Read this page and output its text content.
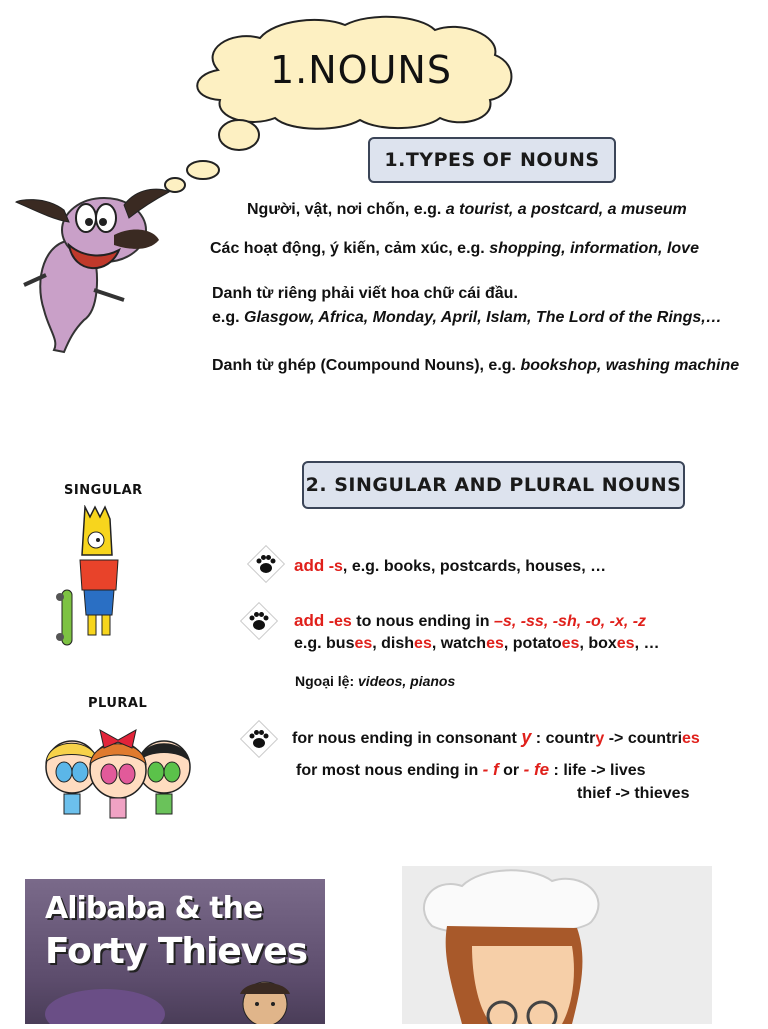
1.NOUNS
1.TYPES OF NOUNS
Người, vật, nơi chốn, e.g. a tourist, a postcard, a museum
Các hoạt động, ý kiến, cảm xúc, e.g. shopping, information, love
Danh từ riêng phải viết hoa chữ cái đầu.
e.g. Glasgow, Africa, Monday, April, Islam, The Lord of the Rings,…
Danh từ ghép (Coumpound Nouns), e.g. bookshop, washing machine
SINGULAR
PLURAL
2. SINGULAR AND PLURAL NOUNS
add -s, e.g. books, postcards, houses, …
add -es to nous ending in –s, -ss, -sh, -o, -x, -z
e.g. buses, dishes, watches, potatoes, boxes, …
Ngoại lệ: videos, pianos
for nous ending in consonant y : country -> countries
for most nous ending in - f or - fe : life -> lives
thief -> thieves
Alibaba & the
Forty Thieves
